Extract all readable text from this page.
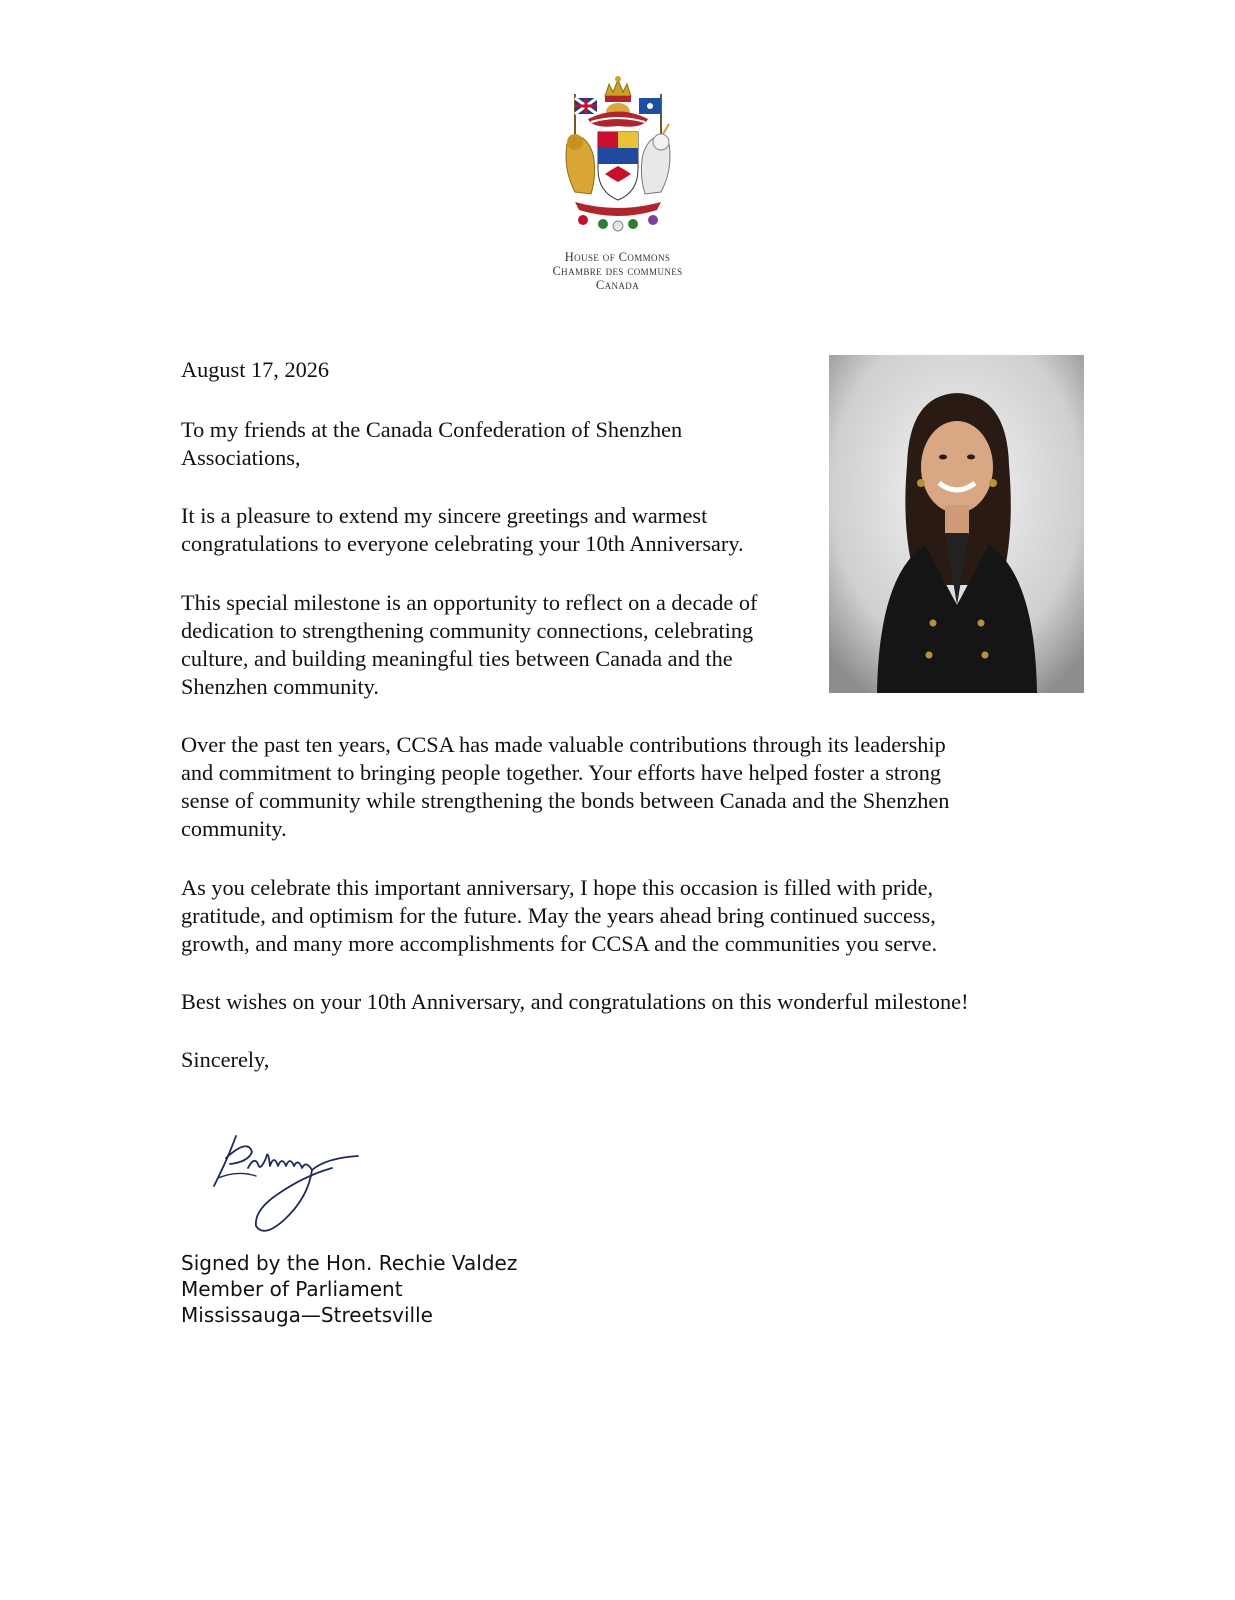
House of Commons
Chambre des communes
Canada

August 17, 2026

To my friends at the Canada Confederation of Shenzhen

Associations,

It is a pleasure to extend my sincere greetings and warmest

congratulations to everyone celebrating your 10th Anniversary.

This special milestone is an opportunity to reflect on a decade of

dedication to strengthening community connections, celebrating

culture, and building meaningful ties between Canada and the

Shenzhen community.

Over the past ten years, CCSA has made valuable contributions through its leadership

and commitment to bringing people together. Your efforts have helped foster a strong

sense of community while strengthening the bonds between Canada and the Shenzhen

community.

As you celebrate this important anniversary, I hope this occasion is filled with pride,

gratitude, and optimism for the future. May the years ahead bring continued success,

growth, and many more accomplishments for CCSA and the communities you serve.

Best wishes on your 10th Anniversary, and congratulations on this wonderful milestone!

Sincerely,

Signed by the Hon. Rechie Valdez
Member of Parliament
Mississauga—Streetsville
